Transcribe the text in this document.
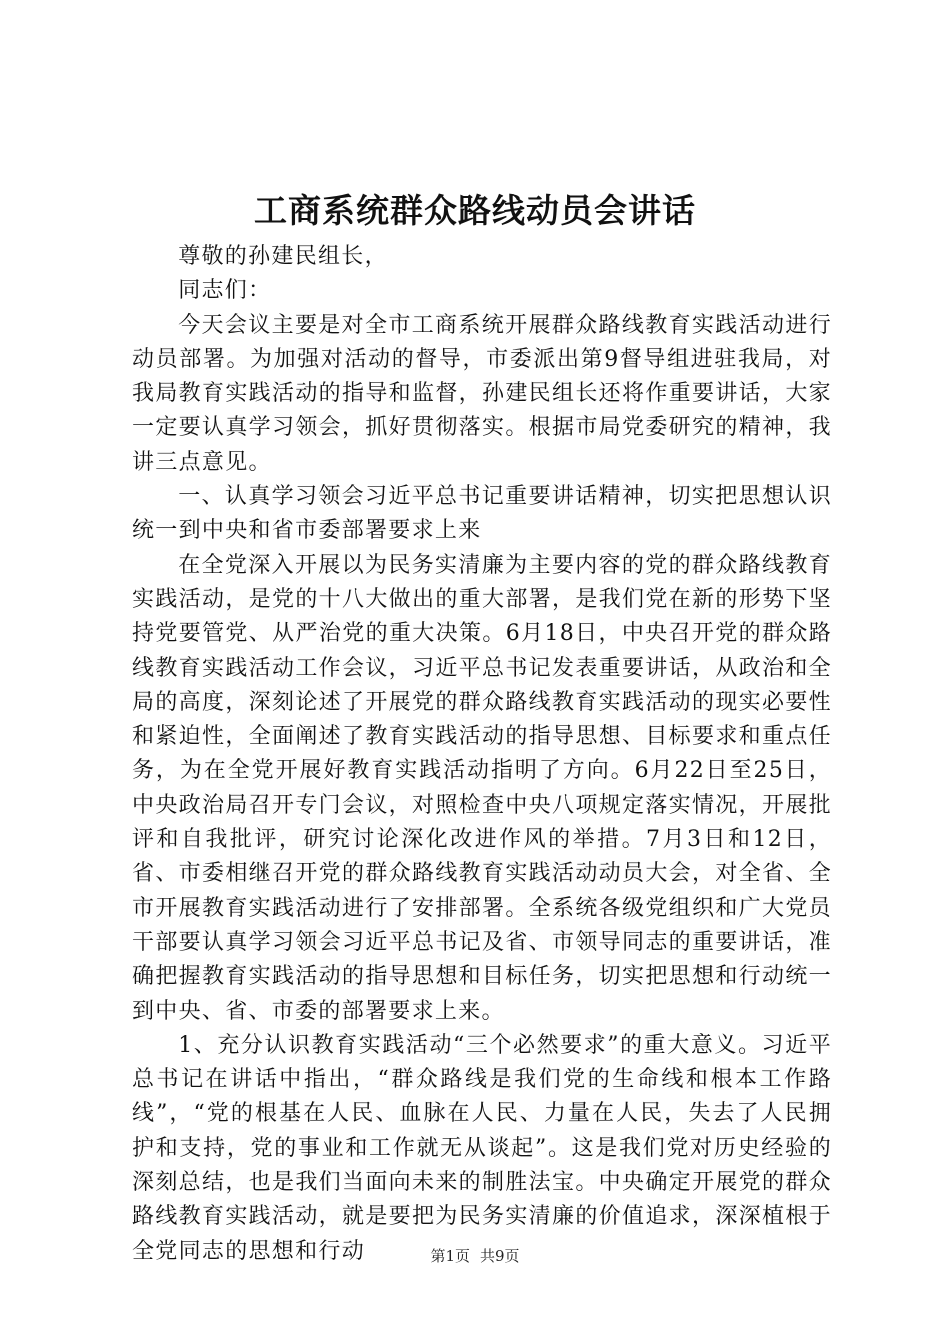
工商系统群众路线动员会讲话

尊敬的孙建民组长，

同志们：

今天会议主要是对全市工商系统开展群众路线教育实践活动进行动员部署。为加强对活动的督导，市委派出第9督导组进驻我局，对我局教育实践活动的指导和监督，孙建民组长还将作重要讲话，大家一定要认真学习领会，抓好贯彻落实。根据市局党委研究的精神，我讲三点意见。

一、认真学习领会习近平总书记重要讲话精神，切实把思想认识统一到中央和省市委部署要求上来

在全党深入开展以为民务实清廉为主要内容的党的群众路线教育实践活动，是党的十八大做出的重大部署，是我们党在新的形势下坚持党要管党、从严治党的重大决策。6月18日，中央召开党的群众路线教育实践活动工作会议，习近平总书记发表重要讲话，从政治和全局的高度，深刻论述了开展党的群众路线教育实践活动的现实必要性和紧迫性，全面阐述了教育实践活动的指导思想、目标要求和重点任务，为在全党开展好教育实践活动指明了方向。6月22日至25日，中央政治局召开专门会议，对照检查中央八项规定落实情况，开展批评和自我批评，研究讨论深化改进作风的举措。7月3日和12日，省、市委相继召开党的群众路线教育实践活动动员大会，对全省、全市开展教育实践活动进行了安排部署。全系统各级党组织和广大党员干部要认真学习领会习近平总书记及省、市领导同志的重要讲话，准确把握教育实践活动的指导思想和目标任务，切实把思想和行动统一到中央、省、市委的部署要求上来。

1、充分认识教育实践活动“三个必然要求”的重大意义。习近平总书记在讲话中指出，“群众路线是我们党的生命线和根本工作路线”，“党的根基在人民、血脉在人民、力量在人民，失去了人民拥护和支持，党的事业和工作就无从谈起”。这是我们党对历史经验的深刻总结，也是我们当面向未来的制胜法宝。中央确定开展党的群众路线教育实践活动，就是要把为民务实清廉的价值追求，深深植根于全党同志的思想和行动	第1页 共9页
